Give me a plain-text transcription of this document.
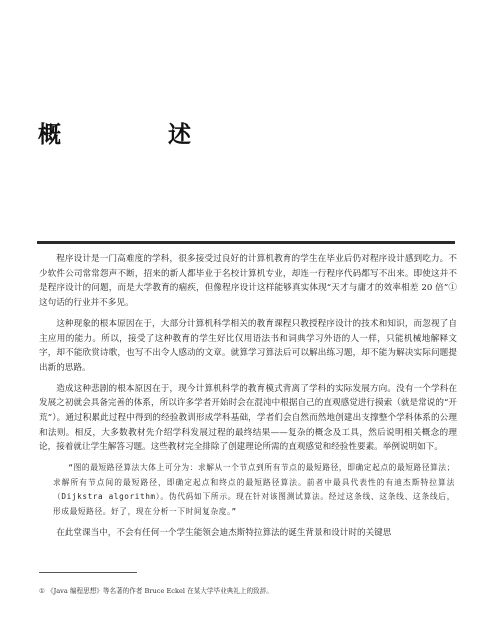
概　述

程序设计是一门高难度的学科，很多接受过良好的计算机教育的学生在毕业后仍对程序设计感到吃力。不少软件公司常常怨声不断，招来的新人都毕业于名校计算机专业，却连一行程序代码都写不出来。即使这并不是程序设计的问题，而是大学教育的痼疾，但像程序设计这样能够真实体现“天才与庸才的效率相差 20 倍”①这句话的行业并不多见。

这种现象的根本原因在于，大部分计算机科学相关的教育课程只教授程序设计的技术和知识，而忽视了自主应用的能力。所以，接受了这种教育的学生好比仅用语法书和词典学习外语的人一样，只能机械地解释文字，却不能欣赏诗歌，也写不出令人感动的文章。就算学习算法后可以解出练习题，却不能为解决实际问题提出新的思路。

造成这种悲剧的根本原因在于，现今计算机科学的教育模式背离了学科的实际发展方向。没有一个学科在发展之初就会具备完善的体系，所以许多学者开始时会在混沌中根据自己的直观感觉进行摸索（就是常说的“开荒”）。通过积累此过程中得到的经验教训形成学科基础，学者们会自然而然地创建出支撑整个学科体系的公理和法则。相反，大多数教材先介绍学科发展过程的最终结果——复杂的概念及工具，然后说明相关概念的理论，接着就让学生解答习题。这些教材完全排除了创建理论所需的直观感觉和经验性要素。举例说明如下。

“图的最短路径算法大体上可分为：求解从一个节点到所有节点的最短路径，即确定起点的最短路径算法；求解所有节点间的最短路径，即确定起点和终点的最短路径算法。前者中最具代表性的有迪杰斯特拉算法（Dijkstra algorithm）。伪代码如下所示。现在针对该图测试算法。经过这条线、这条线、这条线后，形成最短路径。好了，现在分析一下时间复杂度。”

在此堂课当中，不会有任何一个学生能领会迪杰斯特拉算法的诞生背景和设计时的关键思

① 《Java 编程思想》等名著的作者 Bruce Eckel 在某大学毕业典礼上的致辞。
